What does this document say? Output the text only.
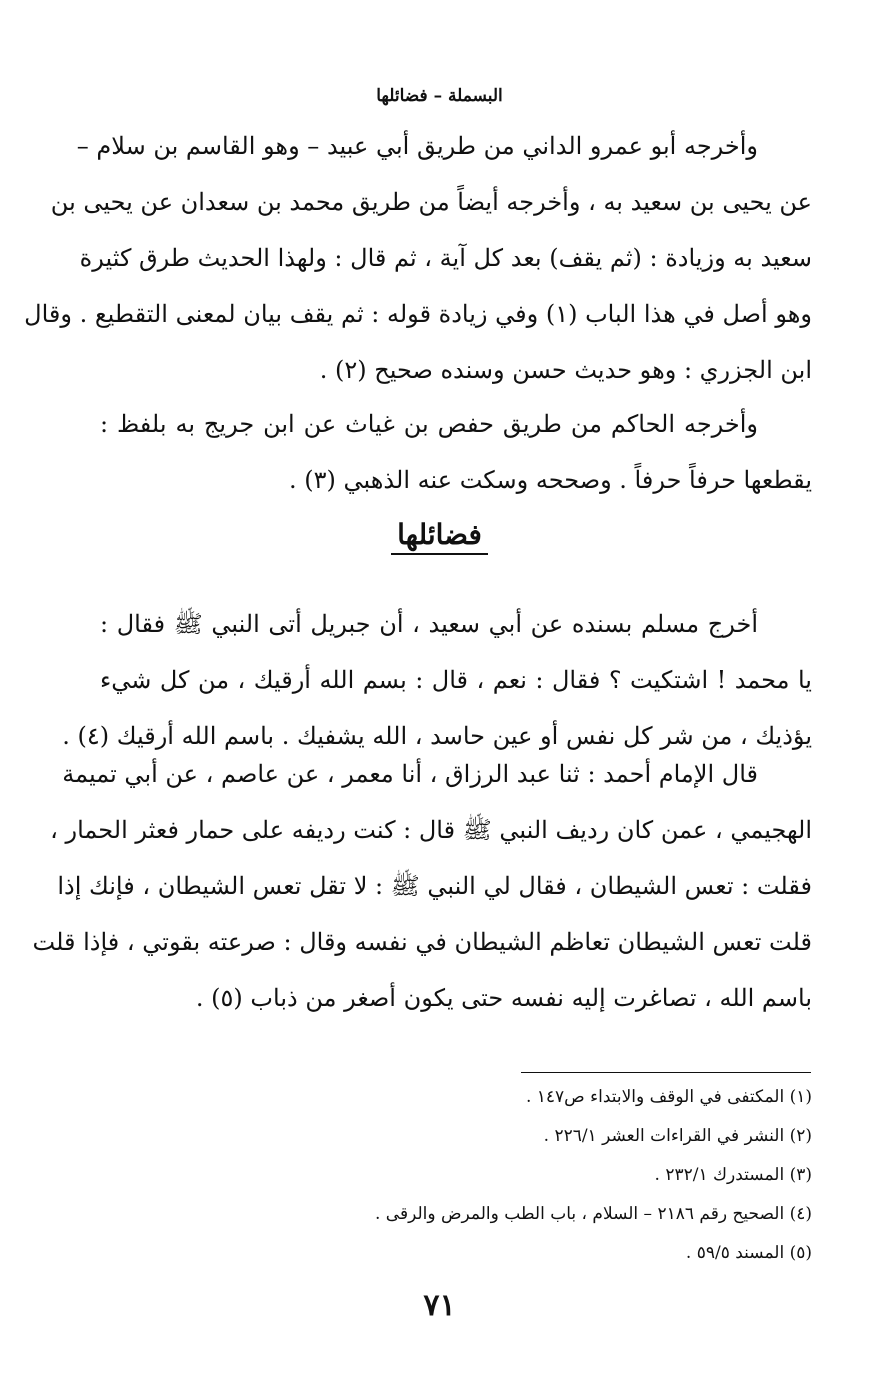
البسملة – فضائلها
وأخرجه أبو عمرو الداني من طريق أبي عبيد – وهو القاسم بن سلام –
عن يحيى بن سعيد به ، وأخرجه أيضاً من طريق محمد بن سعدان عن يحيى بن
سعيد به وزيادة : (ثم يقف) بعد كل آية ، ثم قال : ولهذا الحديث طرق كثيرة
وهو أصل في هذا الباب (١) وفي زيادة قوله : ثم يقف بيان لمعنى التقطيع . وقال
ابن الجزري : وهو حديث حسن وسنده صحيح (٢) .
وأخرجه الحاكم من طريق حفص بن غياث عن ابن جريج به بلفظ :
يقطعها حرفاً حرفاً . وصححه وسكت عنه الذهبي (٣) .
فضائلها
أخرج مسلم بسنده عن أبي سعيد ، أن جبريل أتى النبي ﷺ فقال :
يا محمد ! اشتكيت ؟ فقال : نعم ، قال : بسم الله أرقيك ، من كل شيء
يؤذيك ، من شر كل نفس أو عين حاسد ، الله يشفيك . باسم الله أرقيك (٤) .
قال الإمام أحمد : ثنا عبد الرزاق ، أنا معمر ، عن عاصم ، عن أبي تميمة
الهجيمي ، عمن كان رديف النبي ﷺ قال : كنت رديفه على حمار فعثر الحمار ،
فقلت : تعس الشيطان ، فقال لي النبي ﷺ : لا تقل تعس الشيطان ، فإنك إذا
قلت تعس الشيطان تعاظم الشيطان في نفسه وقال : صرعته بقوتي ، فإذا قلت
باسم الله ، تصاغرت إليه نفسه حتى يكون أصغر من ذباب (٥) .
(١) المكتفى في الوقف والابتداء ص١٤٧ .
(٢) النشر في القراءات العشر ٢٢٦/١ .
(٣) المستدرك ٢٣٢/١ .
(٤) الصحيح رقم ٢١٨٦ – السلام ، باب الطب والمرض والرقى .
(٥) المسند ٥٩/٥ .
٧١
